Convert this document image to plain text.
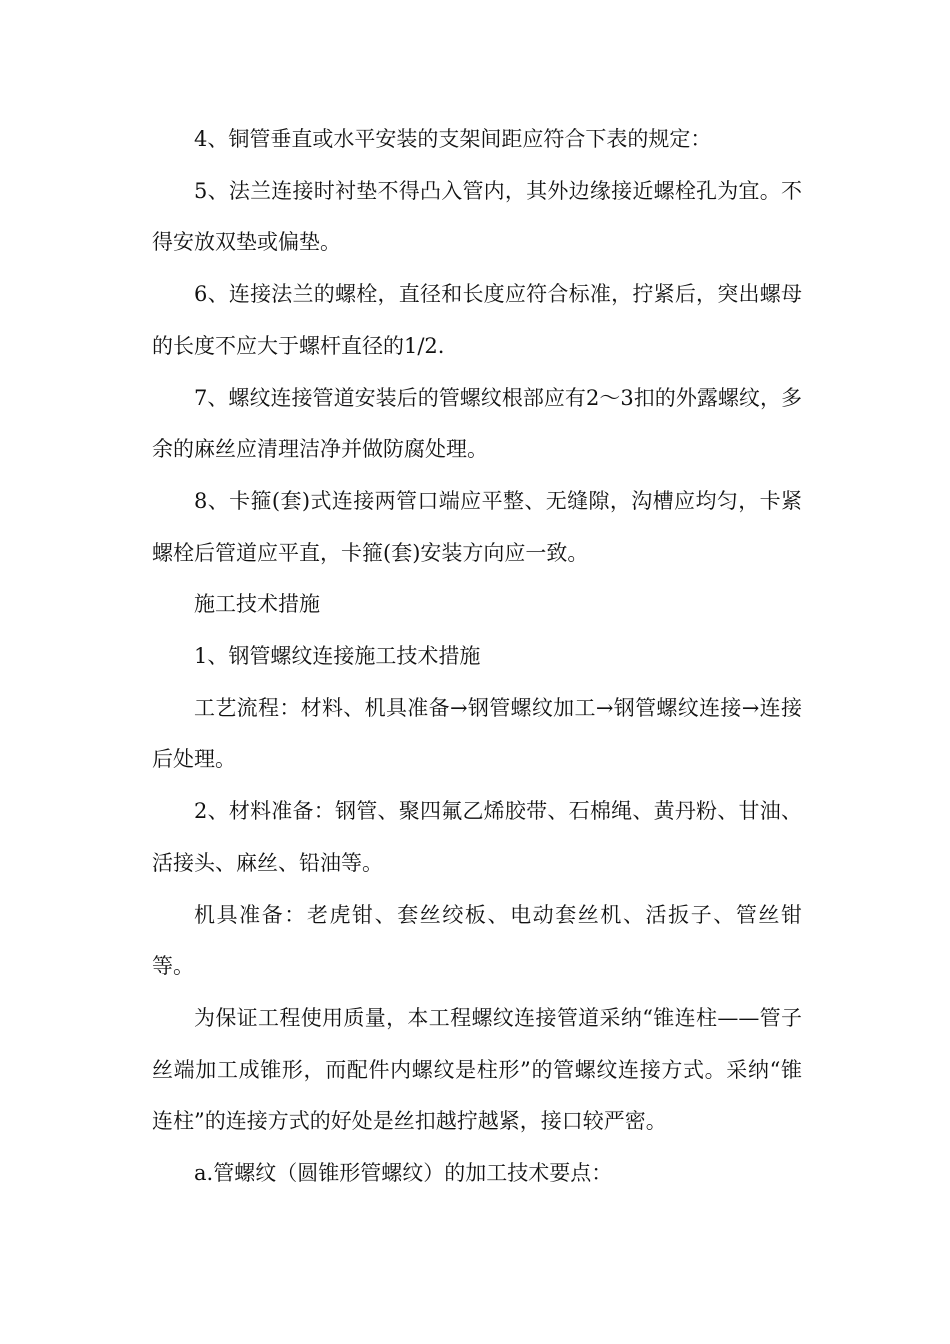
4、铜管垂直或水平安装的支架间距应符合下表的规定：

5、法兰连接时衬垫不得凸入管内，其外边缘接近螺栓孔为宜。不得安放双垫或偏垫。

6、连接法兰的螺栓，直径和长度应符合标准，拧紧后，突出螺母的长度不应大于螺杆直径的1/2.

7、螺纹连接管道安装后的管螺纹根部应有2～3扣的外露螺纹，多余的麻丝应清理洁净并做防腐处理。

8、卡箍(套)式连接两管口端应平整、无缝隙，沟槽应均匀，卡紧螺栓后管道应平直，卡箍(套)安装方向应一致。

施工技术措施

1、钢管螺纹连接施工技术措施

工艺流程：材料、机具准备→钢管螺纹加工→钢管螺纹连接→连接后处理。

2、材料准备：钢管、聚四氟乙烯胶带、石棉绳、黄丹粉、甘油、活接头、麻丝、铅油等。

机具准备：老虎钳、套丝绞板、电动套丝机、活扳子、管丝钳等。

为保证工程使用质量，本工程螺纹连接管道采纳“锥连柱——管子丝端加工成锥形，而配件内螺纹是柱形”的管螺纹连接方式。采纳“锥连柱”的连接方式的好处是丝扣越拧越紧，接口较严密。

a.管螺纹（圆锥形管螺纹）的加工技术要点：
